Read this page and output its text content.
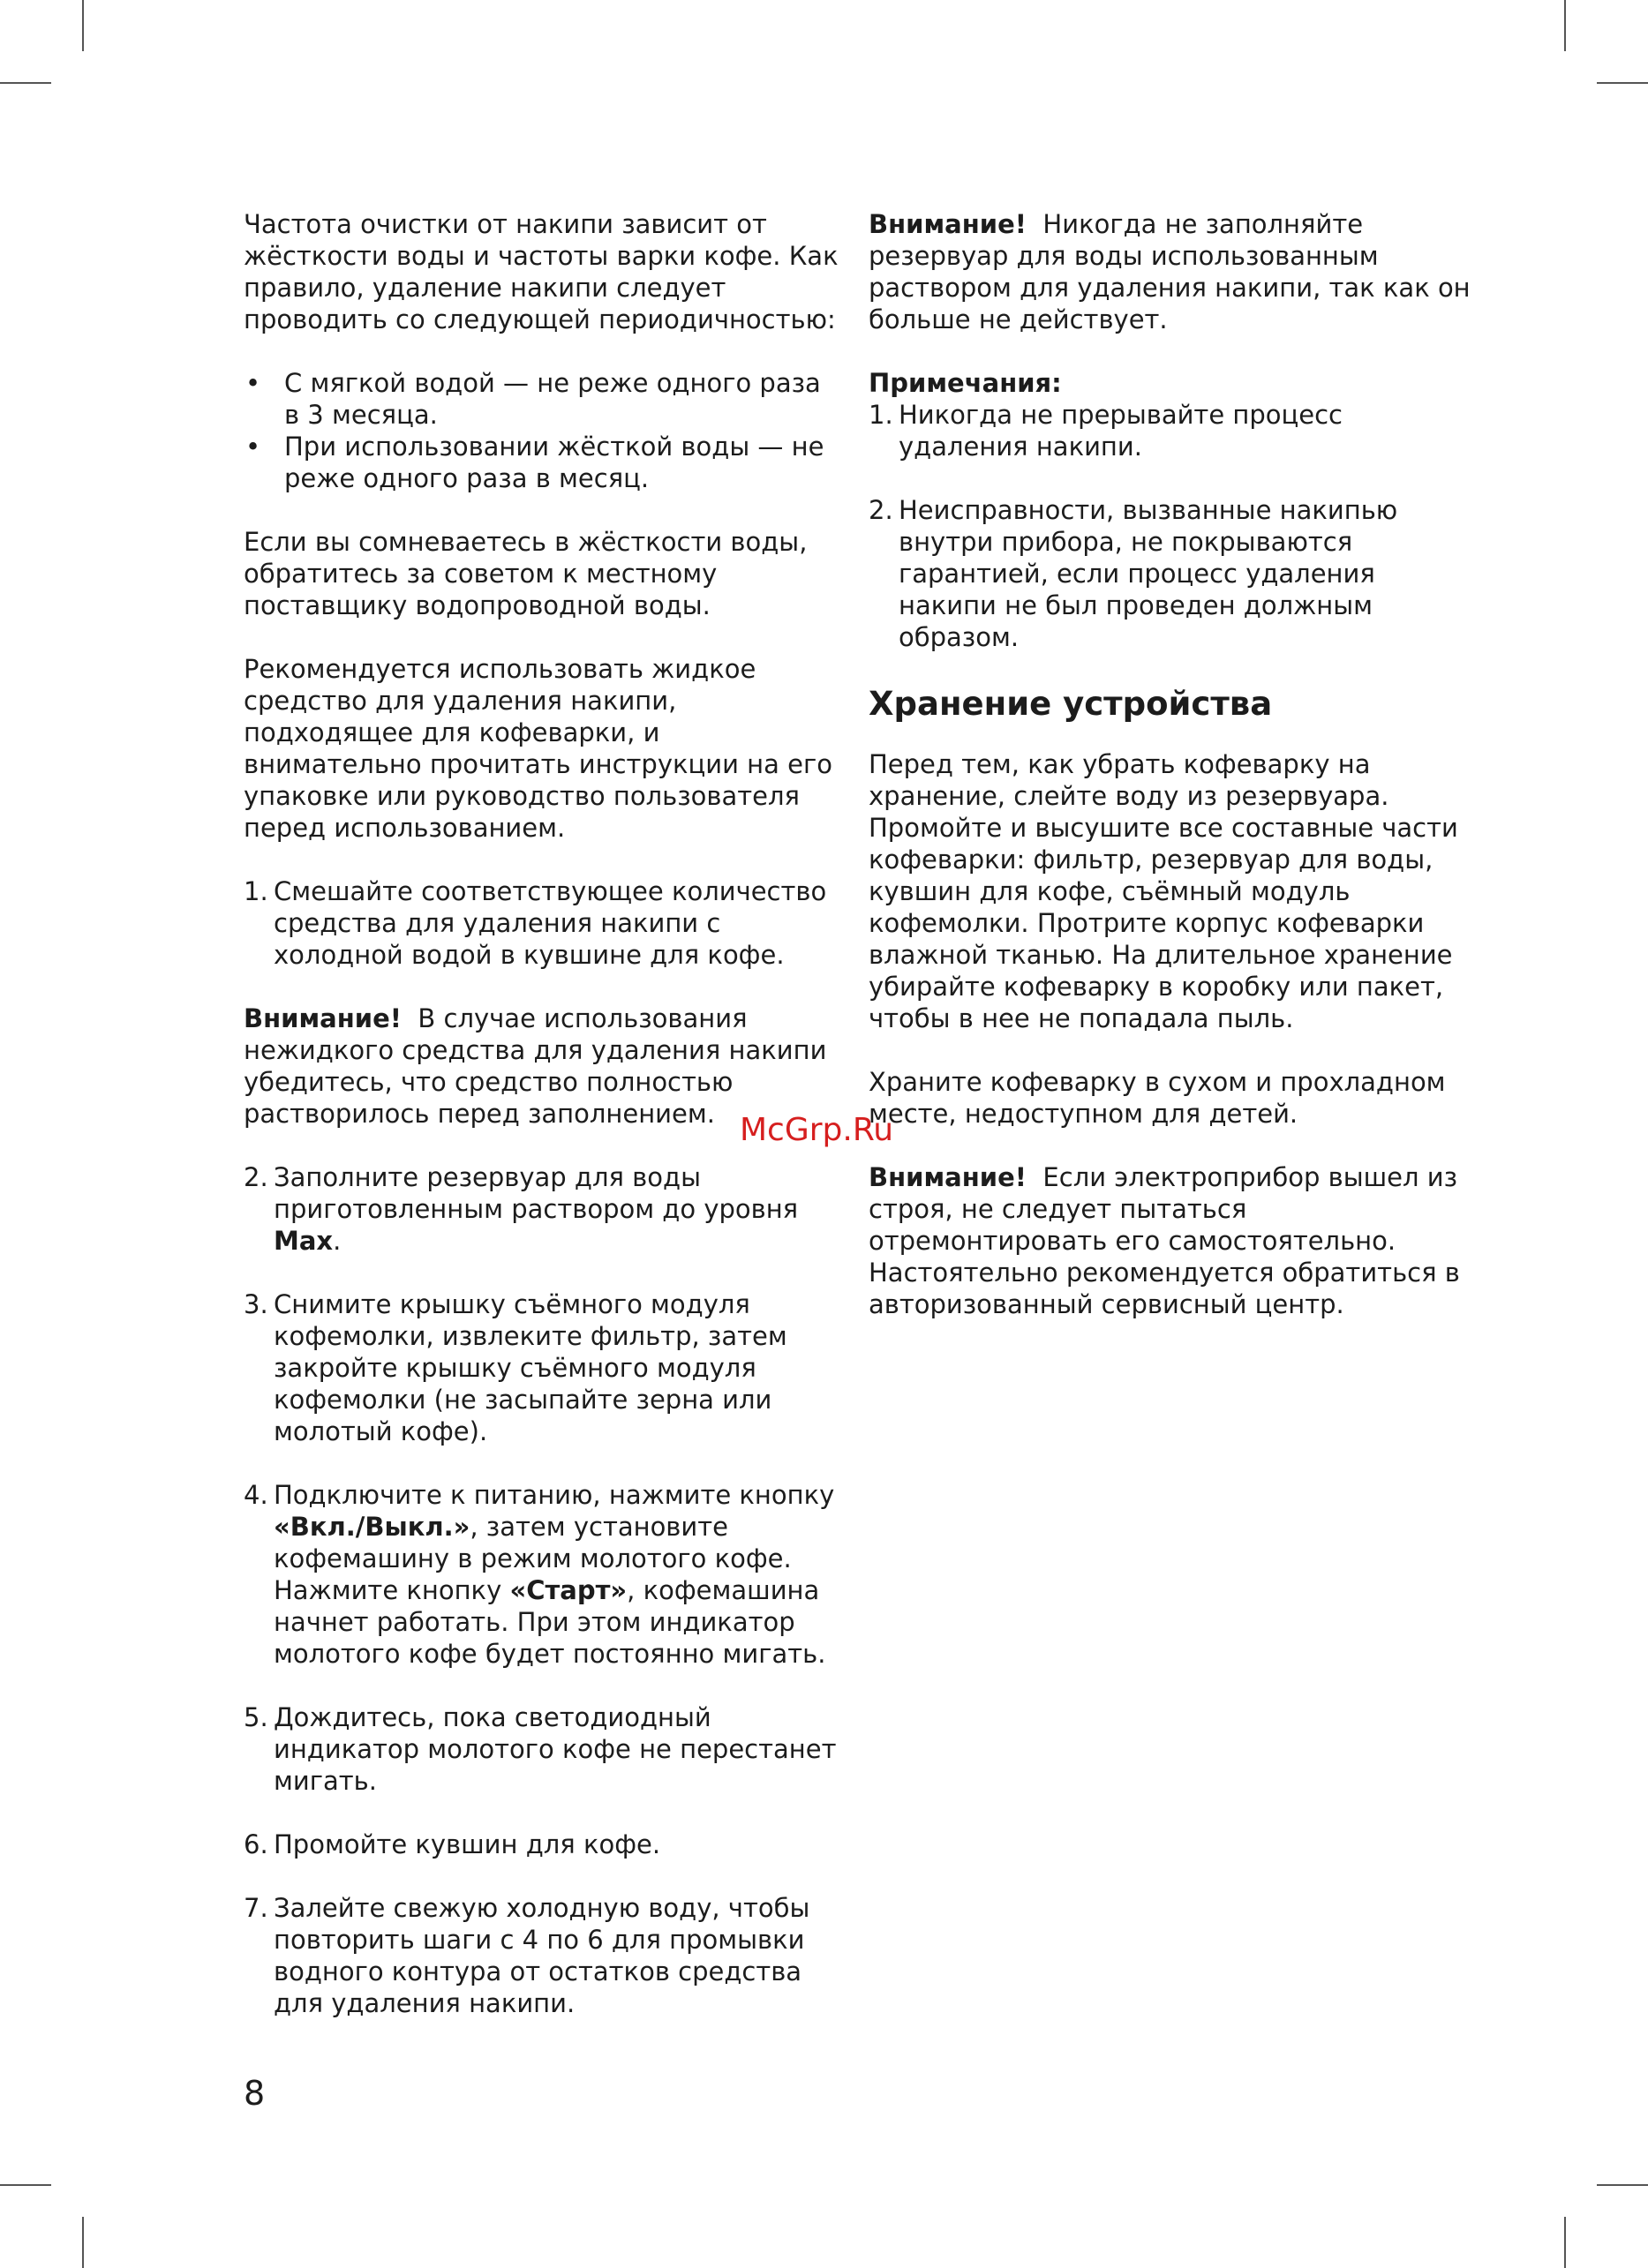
Частота очистки от накипи зависит от жёсткости воды и частоты варки кофе. Как правило, удаление накипи следует проводить со следующей периодичностью:

• С мягкой водой — не реже одного раза в 3 месяца.
• При использовании жёсткой воды — не реже одного раза в месяц.

Если вы сомневаетесь в жёсткости воды, обратитесь за советом к местному поставщику водопроводной воды.

Рекомендуется использовать жидкое средство для удаления накипи, подходящее для кофеварки, и внимательно прочитать инструкции на его упаковке или руководство пользователя перед использованием.

1. Смешайте соответствующее количество средства для удаления накипи с холодной водой в кувшине для кофе.

Внимание! В случае использования нежидкого средства для удаления накипи убедитесь, что средство полностью растворилось перед заполнением.

2. Заполните резервуар для воды приготовленным раствором до уровня Max.
3. Снимите крышку съёмного модуля кофемолки, извлеките фильтр, затем закройте крышку съёмного модуля кофемолки (не засыпайте зерна или молотый кофе).
4. Подключите к питанию, нажмите кнопку «Вкл./Выкл.», затем установите кофемашину в режим молотого кофе. Нажмите кнопку «Старт», кофемашина начнет работать. При этом индикатор молотого кофе будет постоянно мигать.
5. Дождитесь, пока светодиодный индикатор молотого кофе не перестанет мигать.
6. Промойте кувшин для кофе.
7. Залейте свежую холодную воду, чтобы повторить шаги с 4 по 6 для промывки водного контура от остатков средства для удаления накипи.

Внимание! Никогда не заполняйте резервуар для воды использованным раствором для удаления накипи, так как он больше не действует.

Примечания:

1. Никогда не прерывайте процесс удаления накипи.
2. Неисправности, вызванные накипью внутри прибора, не покрываются гарантией, если процесс удаления накипи не был проведен должным образом.
Хранение устройства

Перед тем, как убрать кофеварку на хранение, слейте воду из резервуара. Промойте и высушите все составные части кофеварки: фильтр, резервуар для воды, кувшин для кофе, съёмный модуль кофемолки. Протрите корпус кофеварки влажной тканью. На длительное хранение убирайте кофеварку в коробку или пакет, чтобы в нее не попадала пыль.

Храните кофеварку в сухом и прохладном месте, недоступном для детей.

Внимание! Если электроприбор вышел из строя, не следует пытаться отремонтировать его самостоятельно. Настоятельно рекомендуется обратиться в авторизованный сервисный центр.

McGrp.Ru
8
